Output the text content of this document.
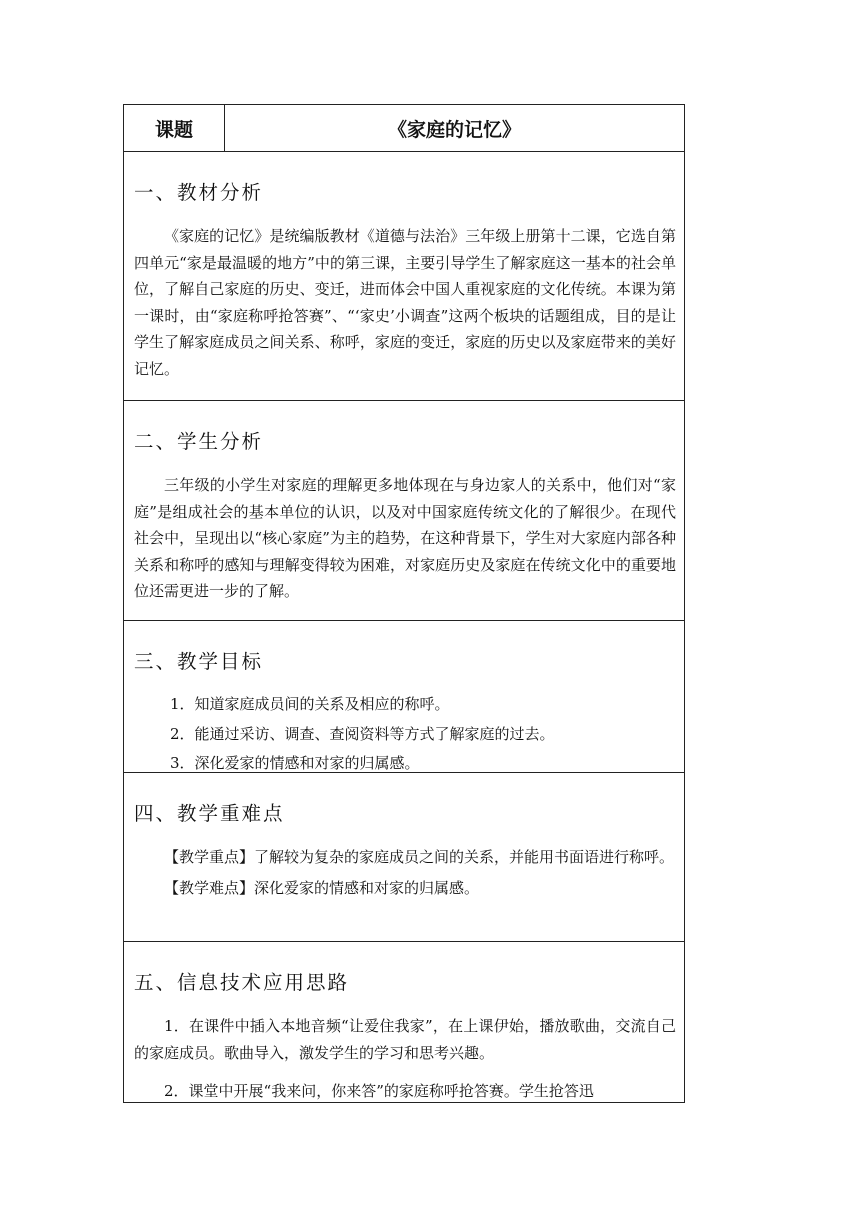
课题	《家庭的记忆》
一、教材分析
《家庭的记忆》是统编版教材《道德与法治》三年级上册第十二课，它选自第四单元“家是最温暖的地方”中的第三课，主要引导学生了解家庭这一基本的社会单位，了解自己家庭的历史、变迁，进而体会中国人重视家庭的文化传统。本课为第一课时，由“家庭称呼抢答赛”、“‘家史’小调查”这两个板块的话题组成，目的是让学生了解家庭成员之间关系、称呼，家庭的变迁，家庭的历史以及家庭带来的美好记忆。
二、学生分析
三年级的小学生对家庭的理解更多地体现在与身边家人的关系中，他们对“家庭”是组成社会的基本单位的认识，以及对中国家庭传统文化的了解很少。在现代社会中，呈现出以“核心家庭”为主的趋势，在这种背景下，学生对大家庭内部各种关系和称呼的感知与理解变得较为困难，对家庭历史及家庭在传统文化中的重要地位还需更进一步的了解。
三、教学目标
1．知道家庭成员间的关系及相应的称呼。
2．能通过采访、调查、查阅资料等方式了解家庭的过去。
3．深化爱家的情感和对家的归属感。
四、教学重难点
【教学重点】了解较为复杂的家庭成员之间的关系，并能用书面语进行称呼。
【教学难点】深化爱家的情感和对家的归属感。
五、信息技术应用思路
1．在课件中插入本地音频“让爱住我家”，在上课伊始，播放歌曲，交流自己的家庭成员。歌曲导入，激发学生的学习和思考兴趣。
2．课堂中开展“我来问，你来答”的家庭称呼抢答赛。学生抢答迅
